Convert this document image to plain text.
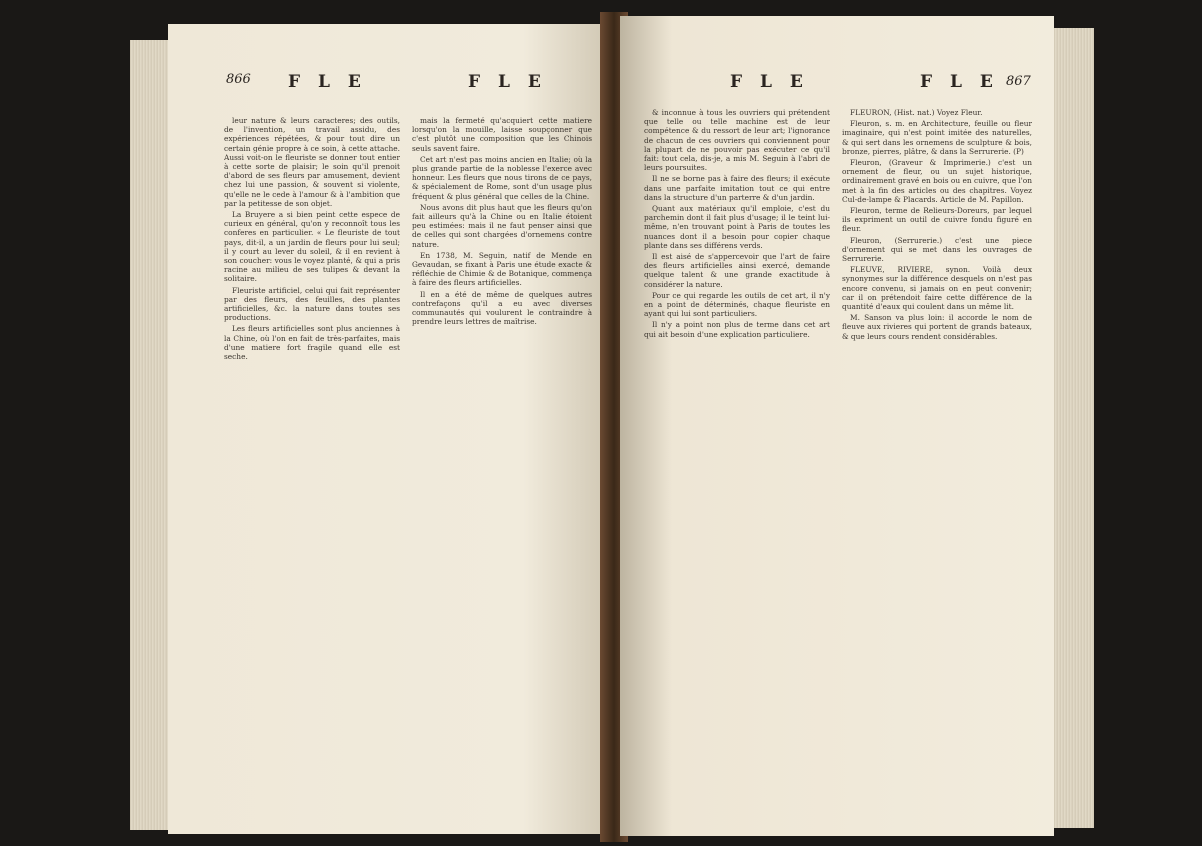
866 F L E	F L E

leur nature & leurs caracteres; des outils, de l'invention, un travail assidu, des expériences répétées, & pour tout dire un certain génie propre à ce soin, à cette attache. Aussi voit-on le fleuriste se donner tout entier à cette sorte de plaisir; le soin qu'il prenoit d'abord de ses fleurs par amusement, devient chez lui une passion, & souvent si violente, qu'elle ne le cede à l'amour & à l'ambition que par la petitesse de son objet.

La Bruyere a si bien peint cette espece de curieux en général, qu'on y reconnoît tous les conferes en particulier. « Le fleuriste de tout pays, dit-il, a un jardin de fleurs pour lui seul; il y court au lever du soleil, & il en revient à son coucher: vous le voyez planté, & qui a pris racine au milieu de ses tulipes & devant la solitaire.

Fleuriste artificiel, celui qui fait représenter par des fleurs, des feuilles, des plantes artificielles, &c. la nature dans toutes ses productions.

Les fleurs artificielles sont plus anciennes à la Chine, où l'on en fait de très-parfaites, mais d'une matiere fort fragile quand elle est seche.

mais la fermeté qu'acquiert cette matiere lorsqu'on la mouille, laisse soupçonner que c'est plutôt une composition que les Chinois seuls savent faire.

Cet art n'est pas moins ancien en Italie; où la plus grande partie de la noblesse l'exerce avec honneur. Les fleurs que nous tirons de ce pays, & spécialement de Rome, sont d'un usage plus fréquent & plus général que celles de la Chine.

Nous avons dit plus haut que les fleurs qu'on fait ailleurs qu'à la Chine ou en Italie étoient peu estimées: mais il ne faut penser ainsi que de celles qui sont chargées d'ornemens contre nature.

En 1738, M. Seguin, natif de Mende en Gevaudan, se fixant à Paris une étude exacte & réfléchie de Chimie & de Botanique, commença à faire des fleurs artificielles.

Il en a été de même de quelques autres contrefaçons qu'il a eu avec diverses communautés qui voulurent le contraindre à prendre leurs lettres de maîtrise.

F L E	F L E 867

& inconnue à tous les ouvriers qui prétendent que telle ou telle machine est de leur compétence & du ressort de leur art; l'ignorance de chacun de ces ouvriers qui conviennent pour la plupart de ne pouvoir pas exécuter ce qu'il fait: tout cela, dis-je, a mis M. Seguin à l'abri de leurs poursuites.

Il ne se borne pas à faire des fleurs; il exécute dans une parfaite imitation tout ce qui entre dans la structure d'un parterre & d'un jardin.

Quant aux matériaux qu'il emploie, c'est du parchemin dont il fait plus d'usage; il le teint lui-même, n'en trouvant point à Paris de toutes les nuances dont il a besoin pour copier chaque plante dans ses différens verds.

Il est aisé de s'appercevoir que l'art de faire des fleurs artificielles ainsi exercé, demande quelque talent & une grande exactitude à considérer la nature.

Pour ce qui regarde les outils de cet art, il n'y en a point de déterminés, chaque fleuriste en ayant qui lui sont particuliers.

Il n'y a point non plus de terme dans cet art qui ait besoin d'une explication particuliere.

FLEURON, (Hist. nat.) Voyez Fleur.

Fleuron, s. m. en Architecture, feuille ou fleur imaginaire, qui n'est point imitée des naturelles, & qui sert dans les ornemens de sculpture & bois, bronze, pierres, plâtre, & dans la Serrurerie. (P)

Fleuron, (Graveur & Imprimerie.) c'est un ornement de fleur, ou un sujet historique, ordinairement gravé en bois ou en cuivre, que l'on met à la fin des articles ou des chapitres. Voyez Cul-de-lampe & Placards. Article de M. Papillon.

Fleuron, terme de Relieurs-Doreurs, par lequel ils expriment un outil de cuivre fondu figuré en fleur.

Fleuron, (Serrurerie.) c'est une piece d'ornement qui se met dans les ouvrages de Serrurerie.

FLEUVE, RIVIERE, synon. Voilà deux synonymes sur la différence desquels on n'est pas encore convenu, si jamais on en peut convenir; car il on prétendoit faire cette différence de la quantité d'eaux qui coulent dans un même lit.

M. Sanson va plus loin: il accorde le nom de fleuve aux rivieres qui portent de grands bateaux, & que leurs cours rendent considérables.
